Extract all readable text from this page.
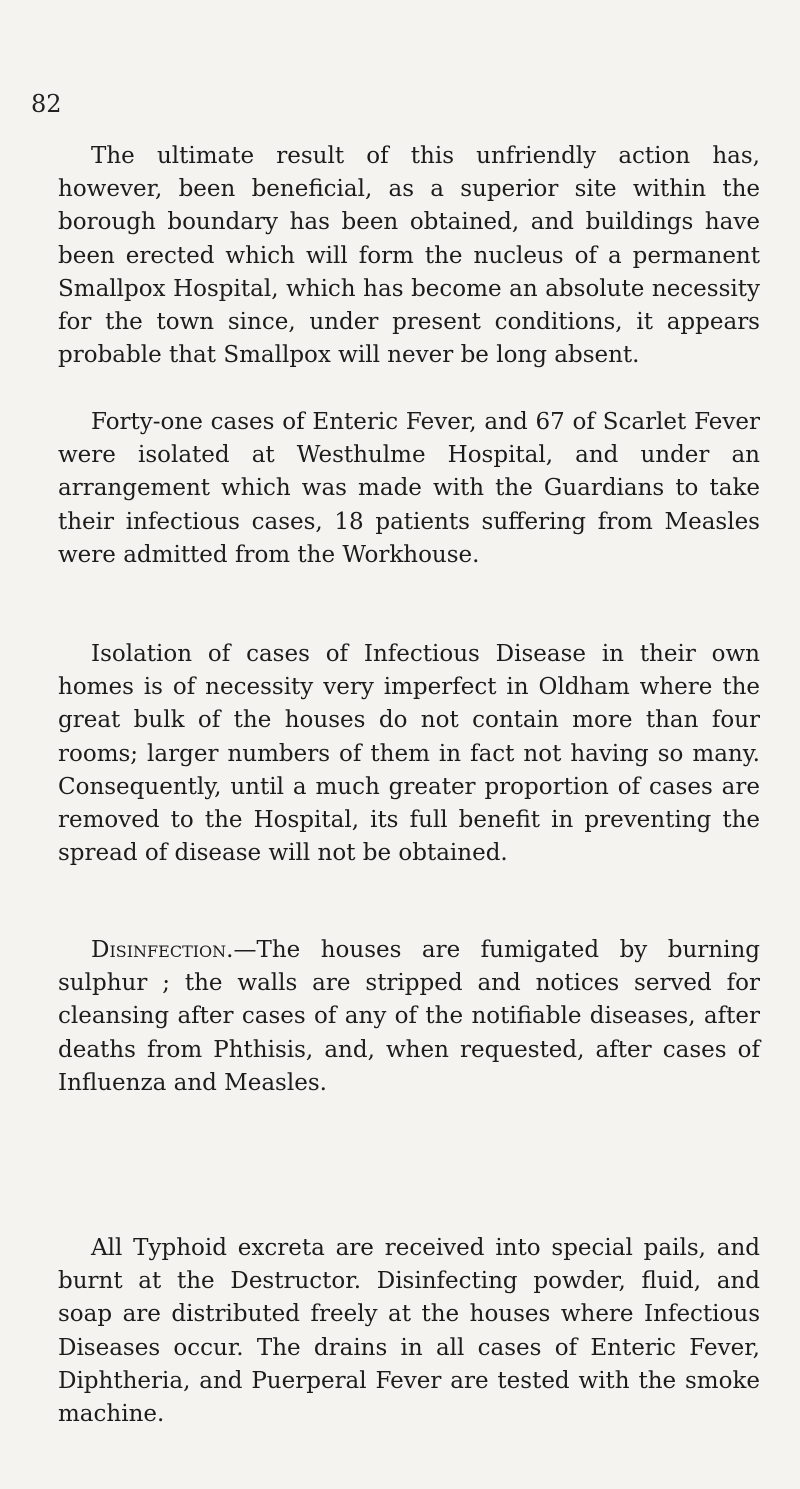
82

The ultimate result of this unfriendly action has, however, been beneficial, as a superior site within the borough boundary has been obtained, and buildings have been erected which will form the nucleus of a permanent Smallpox Hospital, which has become an absolute necessity for the town since, under present conditions, it appears probable that Smallpox will never be long absent.

Forty-one cases of Enteric Fever, and 67 of Scarlet Fever were isolated at Westhulme Hospital, and under an arrangement which was made with the Guardians to take their infectious cases, 18 patients suffering from Measles were admitted from the Workhouse.

Isolation of cases of Infectious Disease in their own homes is of necessity very imperfect in Oldham where the great bulk of the houses do not contain more than four rooms; larger numbers of them in fact not having so many. Consequently, until a much greater proportion of cases are removed to the Hospital, its full benefit in preventing the spread of disease will not be obtained.

Disinfection.—The houses are fumigated by burning sulphur ; the walls are stripped and notices served for cleansing after cases of any of the notifiable diseases, after deaths from Phthisis, and, when requested, after cases of Influenza and Measles.

All Typhoid excreta are received into special pails, and burnt at the Destructor. Disinfecting powder, fluid, and soap are distributed freely at the houses where Infectious Diseases occur. The drains in all cases of Enteric Fever, Diphtheria, and Puerperal Fever are tested with the smoke machine.
